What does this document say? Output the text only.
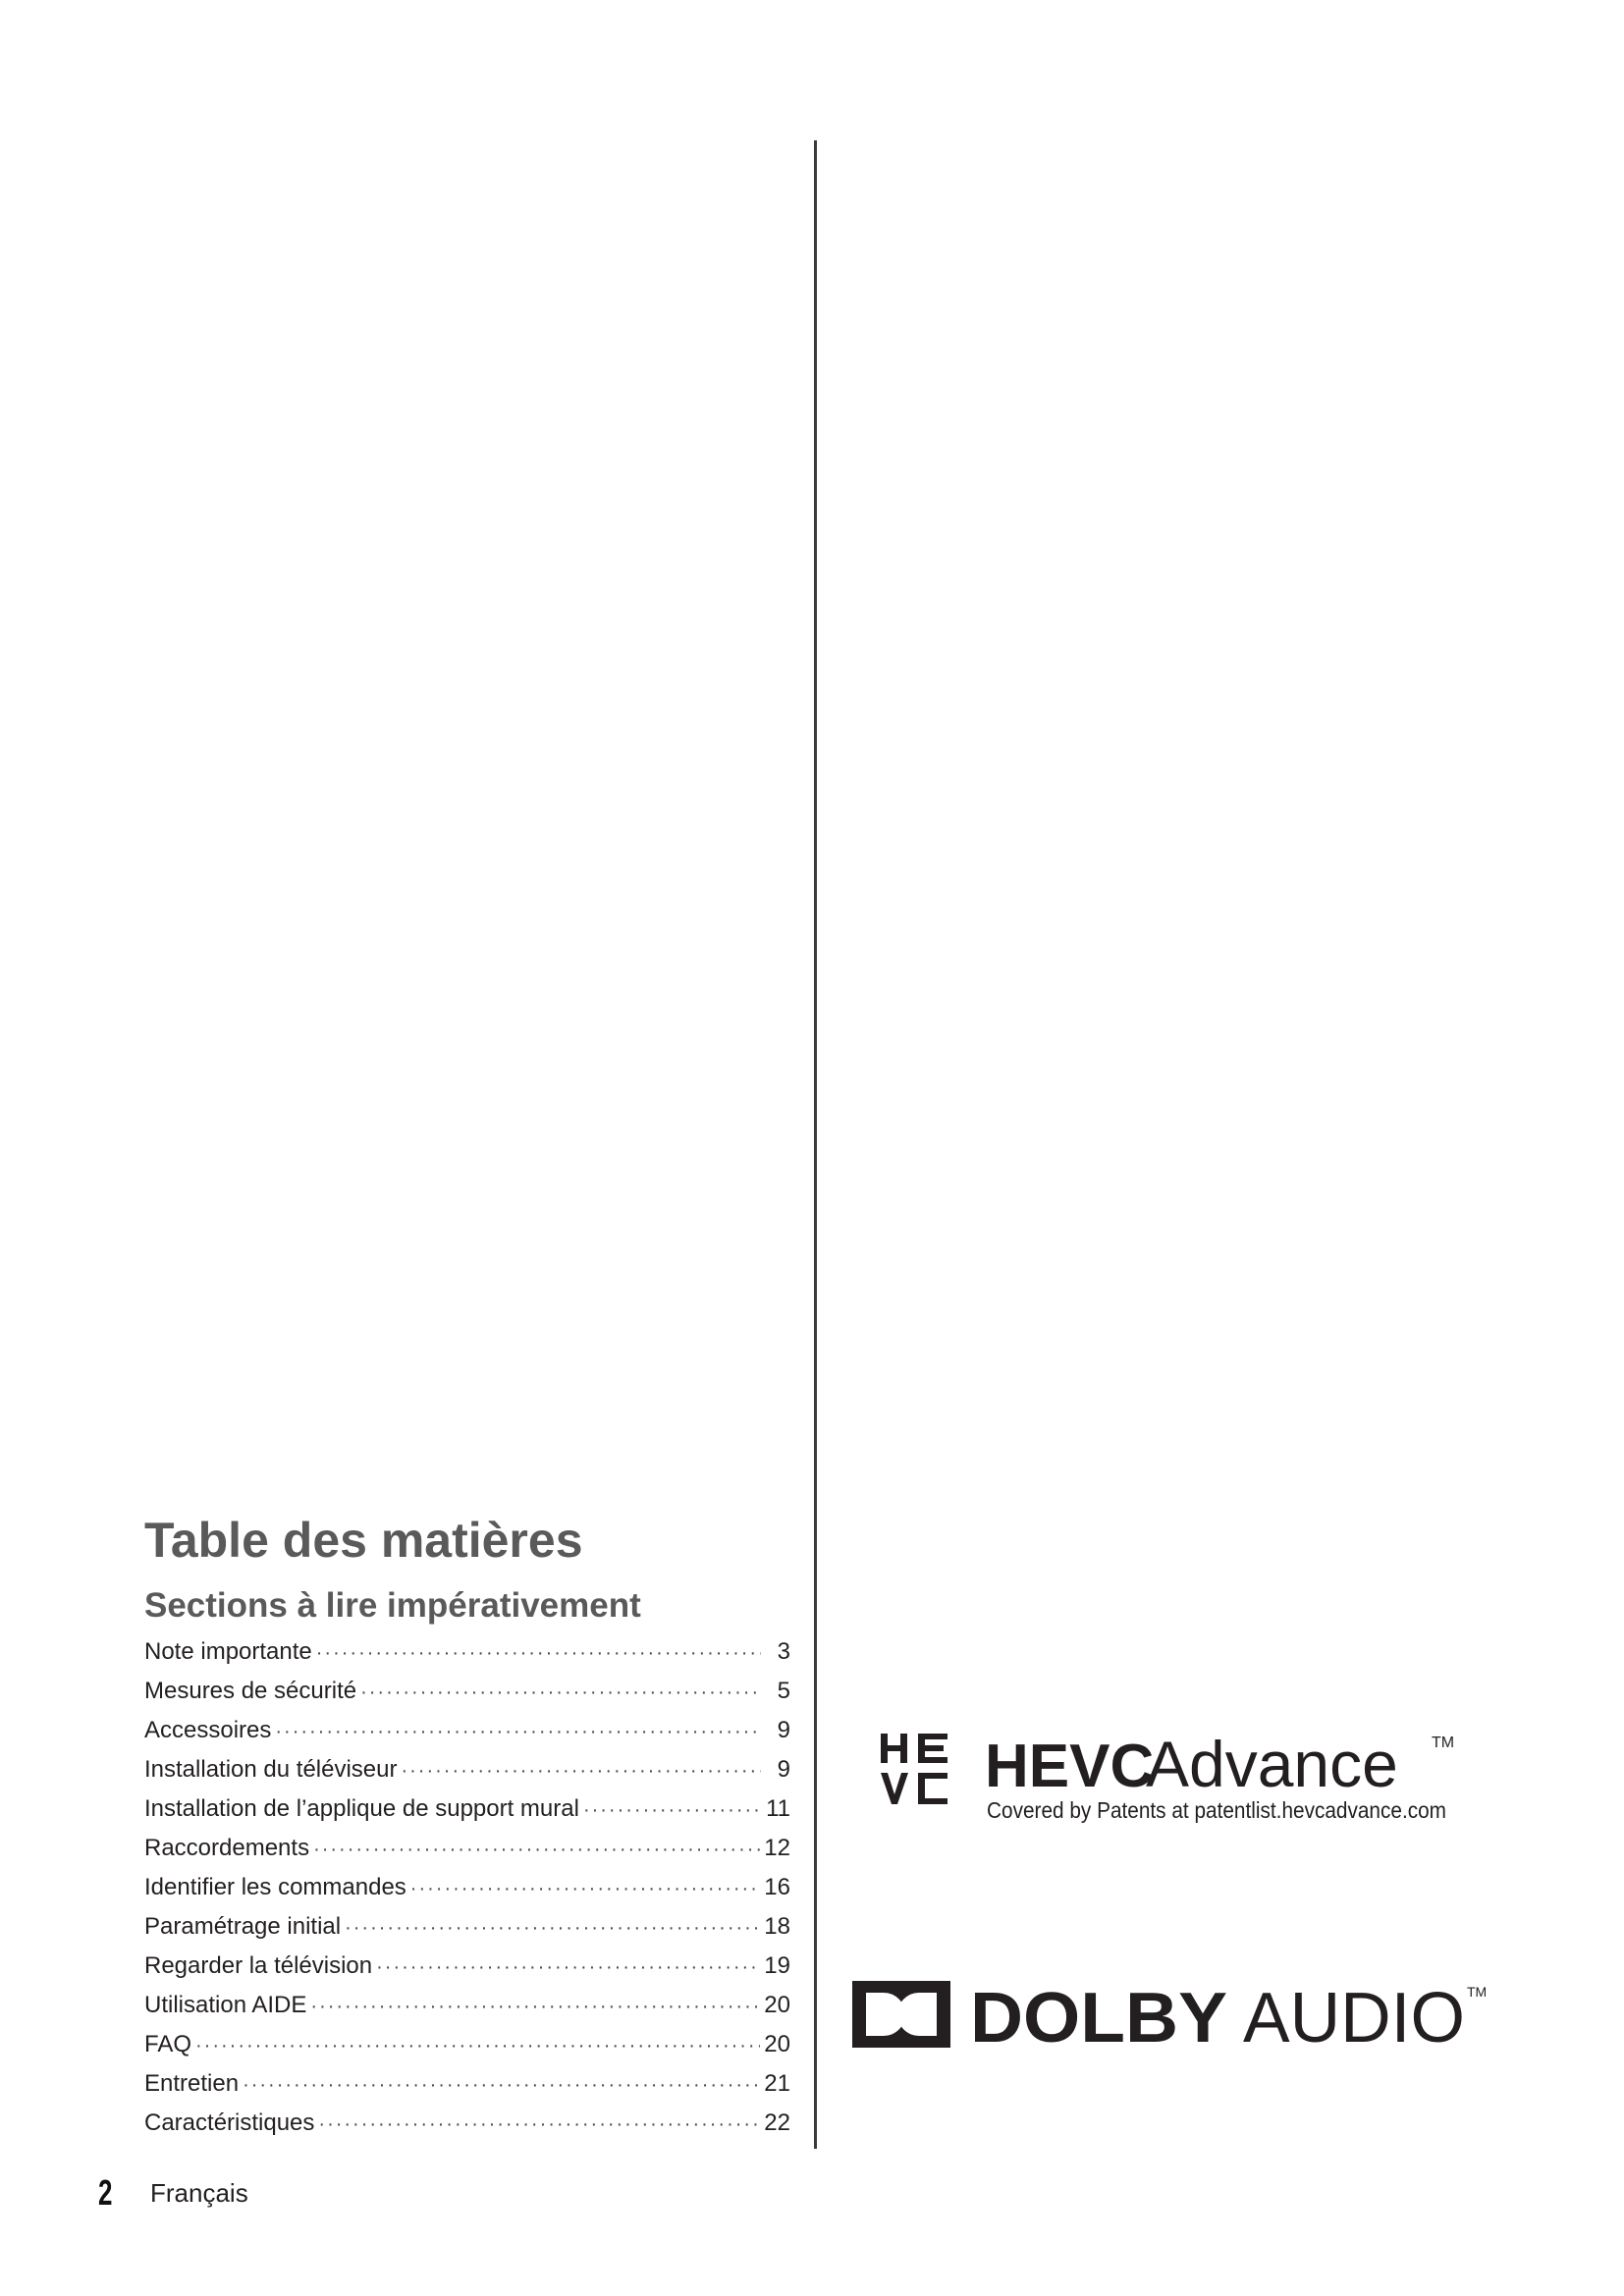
Table des matières
Sections à lire impérativement
Note importante ·····	3
Mesures de sécurité ·····	5
Accessoires ·····	9
Installation du téléviseur ·····	9
Installation de l’applique de support mural ·····	11
Raccordements ·····	12
Identifier les commandes ·····	16
Paramétrage initial ·····	18
Regarder la télévision ·····	19
Utilisation AIDE ·····	20
FAQ ·····	20
Entretien ·····	21
Caractéristiques ·····	22
HEVC
Advance TM
Covered by Patents at patentlist.hevcadvance.com
DOLBY AUDIO TM
2	Français
